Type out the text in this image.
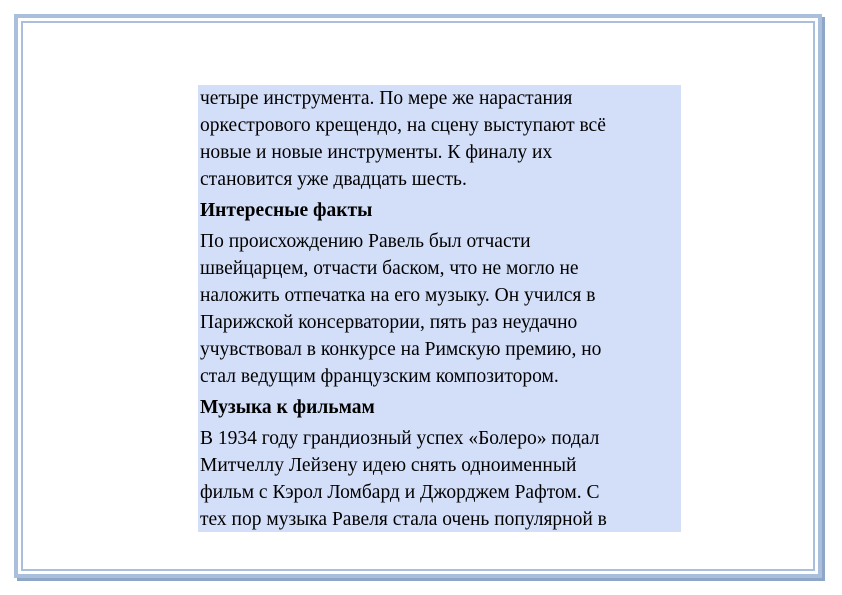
четыре инструмента. По мере же нарастания
оркестрового крещендо, на сцену выступают всё
новые и новые инструменты. К финалу их
становится уже двадцать шесть.

Интересные факты

По происхождению Равель был отчасти
швейцарцем, отчасти баском, что не могло не
наложить отпечатка на его музыку. Он учился в
Парижской консерватории, пять раз неудачно
учувствовал в конкурсе на Римскую премию, но
стал ведущим французским композитором.

Музыка к фильмам

В 1934 году грандиозный успех «Болеро» подал
Митчеллу Лейзену идею снять одноименный
фильм с Кэрол Ломбард и Джорджем Рафтом. С
тех пор музыка Равеля стала очень популярной в
